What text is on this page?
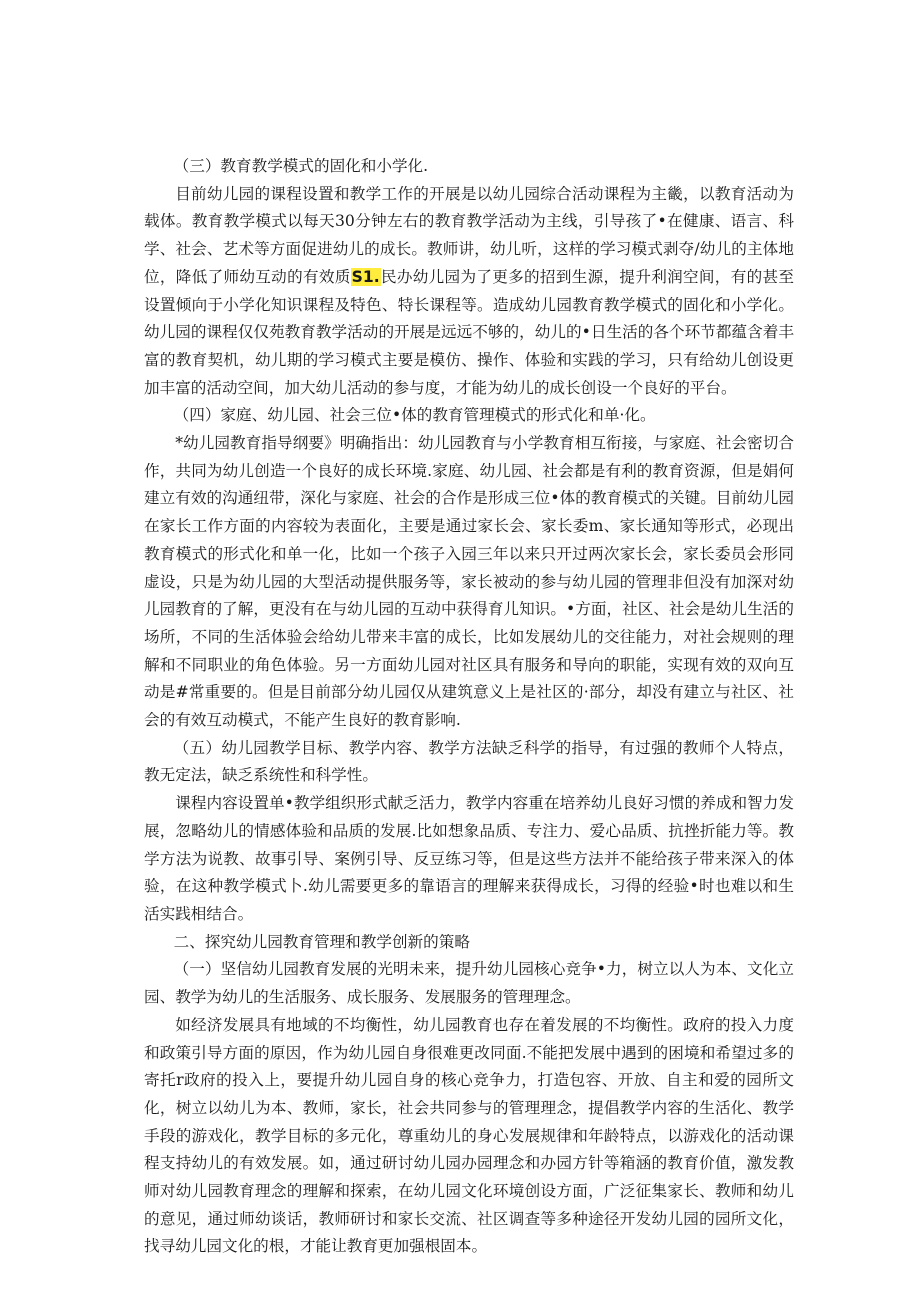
（三）教育教学模式的固化和小学化.

目前幼儿园的课程设置和教学工作的开展是以幼儿园综合活动课程为主畿，以教育活动为载体。教育教学模式以每天30分钟左右的教育教学活动为主线，引导孩了•在健康、语言、科学、社会、艺术等方面促进幼儿的成长。教师讲，幼儿听，这样的学习模式剥夺/幼儿的主体地位，降低了师幼互动的有效质S1.民办幼儿园为了更多的招到生源，提升利润空间，有的甚至设置倾向于小学化知识课程及特色、特长课程等。造成幼儿园教育教学模式的固化和小学化。幼儿园的课程仅仅苑教育教学活动的开展是远远不够的，幼儿的•日生活的各个环节都蕴含着丰富的教育契机，幼儿期的学习模式主要是模仿、操作、体验和实践的学习，只有给幼儿创设更加丰富的活动空间，加大幼儿活动的参与度，才能为幼儿的成长创设一个良好的平台。

（四）家庭、幼儿园、社会三位•体的教育管理模式的形式化和单·化。

*幼儿园教育指导纲要》明确指出：幼儿园教育与小学教育相互衔接，与家庭、社会密切合作，共同为幼儿创造一个良好的成长环境.家庭、幼儿园、社会都是有利的教育资源，但是娟何建立有效的沟通纽带，深化与家庭、社会的合作是形成三位•体的教育模式的关键。目前幼儿园在家长工作方面的内容较为表面化，主要是通过家长会、家长委m、家长通知等形式，必现出教育模式的形式化和单一化，比如一个孩子入园三年以来只开过两次家长会，家长委员会形同虚设，只是为幼儿园的大型活动提供服务等，家长被动的参与幼儿园的管理非但没有加深对幼儿园教育的了解，更没有在与幼儿园的互动中获得育儿知识。•方面，社区、社会是幼儿生活的场所，不同的生活体验会给幼儿带来丰富的成长，比如发展幼儿的交往能力，对社会规则的理解和不同职业的角色体验。另一方面幼儿园对社区具有服务和导向的职能，实现有效的双向互动是#常重要的。但是目前部分幼儿园仅从建筑意义上是社区的·部分，却没有建立与社区、社会的有效互动模式，不能产生良好的教育影响.

（五）幼儿园教学目标、教学内容、教学方法缺乏科学的指导，有过强的教师个人特点，教无定法，缺乏系统性和科学性。

课程内容设置单•教学组织形式献乏活力，教学内容重在培养幼儿良好习惯的养成和智力发展，忽略幼儿的情感体验和品质的发展.比如想象品质、专注力、爱心品质、抗挫折能力等。教学方法为说教、故事引导、案例引导、反豆练习等，但是这些方法并不能给孩子带来深入的体验，在这种教学模式卜.幼儿需要更多的靠语言的理解来获得成长，习得的经验•时也难以和生活实践相结合。

二、探究幼儿园教育管理和教学创新的策略

（一）坚信幼儿园教育发展的光明未来，提升幼儿园核心竞争•力，树立以人为本、文化立园、教学为幼儿的生活服务、成长服务、发展服务的管理理念。

如经济发展具有地域的不均衡性，幼儿园教育也存在着发展的不均衡性。政府的投入力度和政策引导方面的原因，作为幼儿园自身很难更改同面.不能把发展中遇到的困境和希望过多的寄托r政府的投入上，要提升幼儿园自身的核心竞争力，打造包容、开放、自主和爱的园所文化，树立以幼儿为本、教师，家长，社会共同参与的管理理念，提倡教学内容的生活化、教学手段的游戏化，教学目标的多元化，尊重幼儿的身心发展规律和年龄特点，以游戏化的活动课程支持幼儿的有效发展。如，通过研讨幼儿园办园理念和办园方针等箱涵的教育价值，激发教师对幼儿园教育理念的理解和探索，在幼儿园文化环境创设方面，广泛征集家长、教师和幼儿的意见，通过师幼谈话，教师研讨和家长交流、社区调查等多种途径开发幼儿园的园所文化，找寻幼儿园文化的根，才能让教育更加强根固本。
